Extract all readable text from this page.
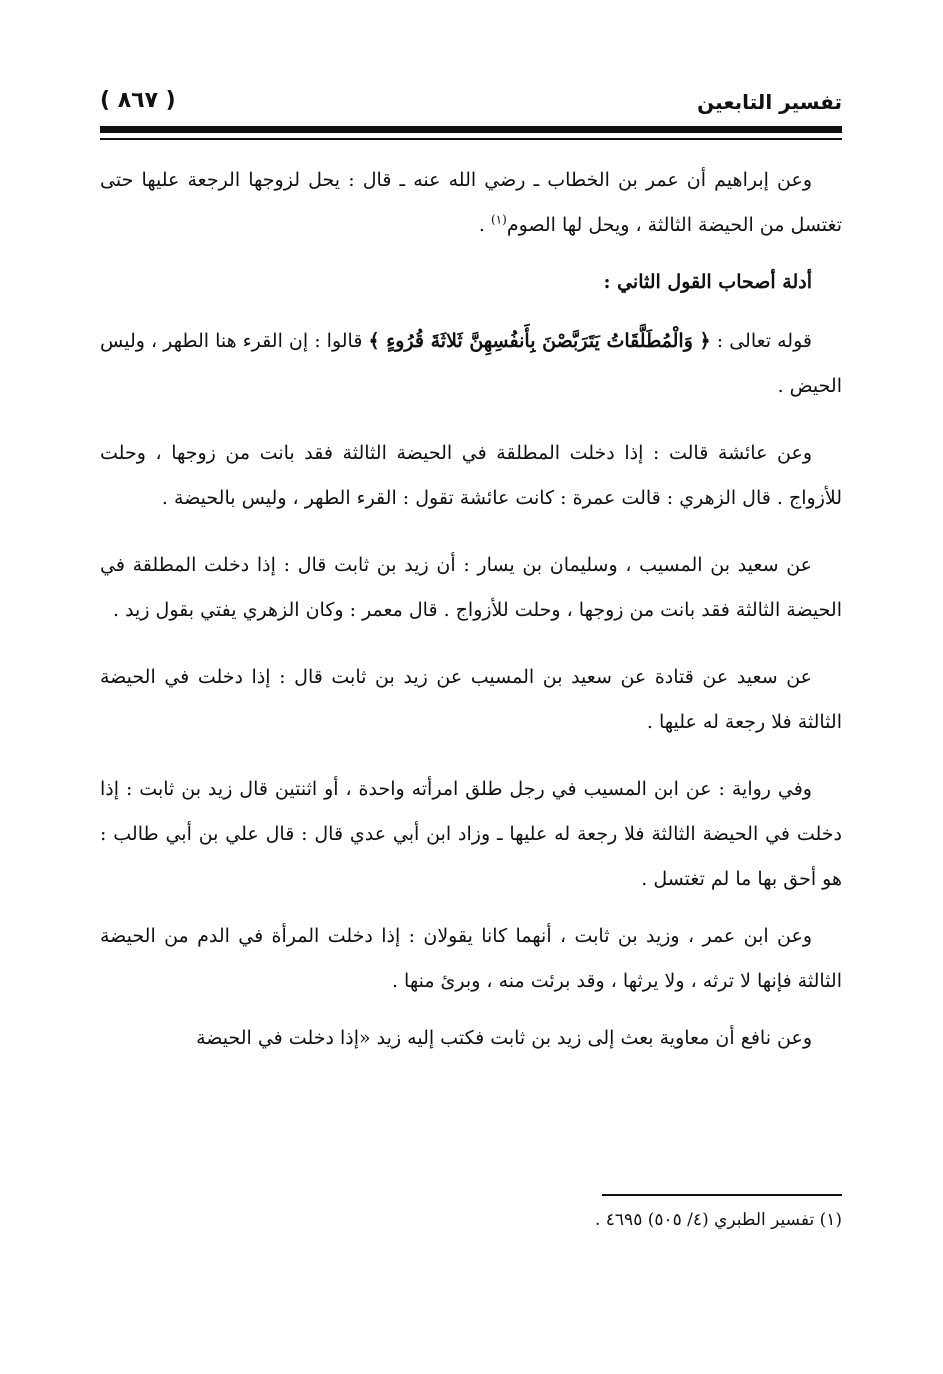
تفسير التابعين
( ٨٦٧ )

وعن إبراهيم أن عمر بن الخطاب ـ رضي الله عنه ـ قال : يحل لزوجها الرجعة عليها حتى تغتسل من الحيضة الثالثة ، ويحل لها الصوم$^{(١)}$ .

أدلة أصحاب القول الثاني :

قوله تعالى : ﴿ وَالْمُطَلَّقَاتُ يَتَرَبَّصْنَ بِأَنفُسِهِنَّ ثَلاثَةَ قُرُوءٍ ﴾ قالوا : إن القرء هنا الطهر ، وليس الحيض .

وعن عائشة قالت : إذا دخلت المطلقة في الحيضة الثالثة فقد بانت من زوجها ، وحلت للأزواج . قال الزهري : قالت عمرة : كانت عائشة تقول : القرء الطهر ، وليس بالحيضة .

عن سعيد بن المسيب ، وسليمان بن يسار : أن زيد بن ثابت قال : إذا دخلت المطلقة في الحيضة الثالثة فقد بانت من زوجها ، وحلت للأزواج . قال معمر : وكان الزهري يفتي بقول زيد .

عن سعيد عن قتادة عن سعيد بن المسيب عن زيد بن ثابت قال : إذا دخلت في الحيضة الثالثة فلا رجعة له عليها .

وفي رواية : عن ابن المسيب في رجل طلق امرأته واحدة ، أو اثنتين قال زيد بن ثابت : إذا دخلت في الحيضة الثالثة فلا رجعة له عليها ـ وزاد ابن أبي عدي قال : قال علي بن أبي طالب : هو أحق بها ما لم تغتسل .

وعن ابن عمر ، وزيد بن ثابت ، أنهما كانا يقولان : إذا دخلت المرأة في الدم من الحيضة الثالثة فإنها لا ترثه ، ولا يرثها ، وقد برئت منه ، وبرئ منها .

وعن نافع أن معاوية بعث إلى زيد بن ثابت فكتب إليه زيد «إذا دخلت في الحيضة

(١) تفسير الطبري (٤/ ٥٠٥) ٤٦٩٥ .
